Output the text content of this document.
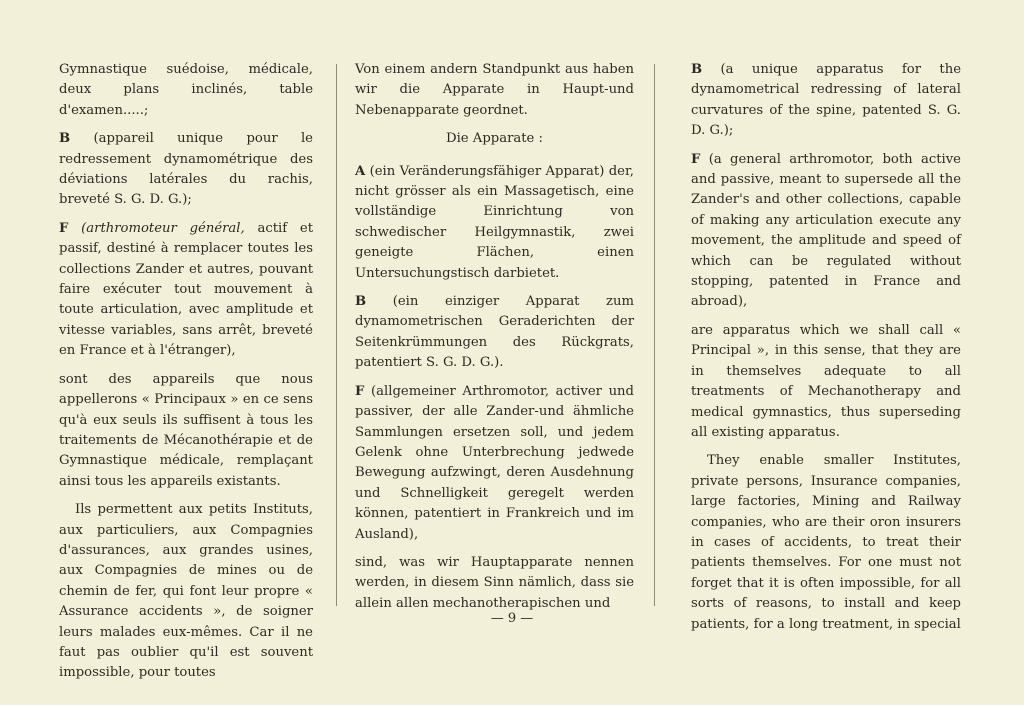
Gymnastique suédoise, médicale, deux plans inclinés, table d'examen.....;

B (appareil unique pour le redressement dynamométrique des déviations latérales du rachis, breveté S. G. D. G.);

F (arthromoteur général, actif et passif, destiné à remplacer toutes les collections Zander et autres, pouvant faire exécuter tout mouvement à toute articulation, avec amplitude et vitesse variables, sans arrêt, breveté en France et à l'étranger),

sont des appareils que nous appellerons « Principaux » en ce sens qu'à eux seuls ils suffisent à tous les traitements de Mécanothérapie et de Gymnastique médicale, remplaçant ainsi tous les appareils existants.

Ils permettent aux petits Instituts, aux particuliers, aux Compagnies d'assurances, aux grandes usines, aux Compagnies de mines ou de chemin de fer, qui font leur propre « Assurance accidents », de soigner leurs malades eux-mêmes. Car il ne faut pas oublier qu'il est souvent impossible, pour toutes

Von einem andern Standpunkt aus haben wir die Apparate in Haupt-und Nebenapparate geordnet.

Die Apparate :

A (ein Veränderungsfähiger Apparat) der, nicht grösser als ein Massagetisch, eine vollständige Einrichtung von schwedischer Heilgymnastik, zwei geneigte Flächen, einen Untersuchungstisch darbietet.

B (ein einziger Apparat zum dynamometrischen Geraderichten der Seitenkrümmungen des Rückgrats, patentiert S. G. D. G.).

F (allgemeiner Arthromotor, activer und passiver, der alle Zander-und ähmliche Sammlungen ersetzen soll, und jedem Gelenk ohne Unterbrechung jedwede Bewegung aufzwingt, deren Ausdehnung und Schnelligkeit geregelt werden können, patentiert in Frankreich und im Ausland),

sind, was wir Hauptapparate nennen werden, in diesem Sinn nämlich, dass sie allein allen mechanotherapischen und

B (a unique apparatus for the dynamometrical redressing of lateral curvatures of the spine, patented S. G. D. G.);

F (a general arthromotor, both active and passive, meant to supersede all the Zander's and other collections, capable of making any articulation execute any movement, the amplitude and speed of which can be regulated without stopping, patented in France and abroad),

are apparatus which we shall call « Principal », in this sense, that they are in themselves adequate to all treatments of Mechanotherapy and medical gymnastics, thus superseding all existing apparatus.

They enable smaller Institutes, private persons, Insurance companies, large factories, Mining and Railway companies, who are their oron insurers in cases of accidents, to treat their patients themselves. For one must not forget that it is often impossible, for all sorts of reasons, to install and keep patients, for a long treatment, in special

— 9 —
